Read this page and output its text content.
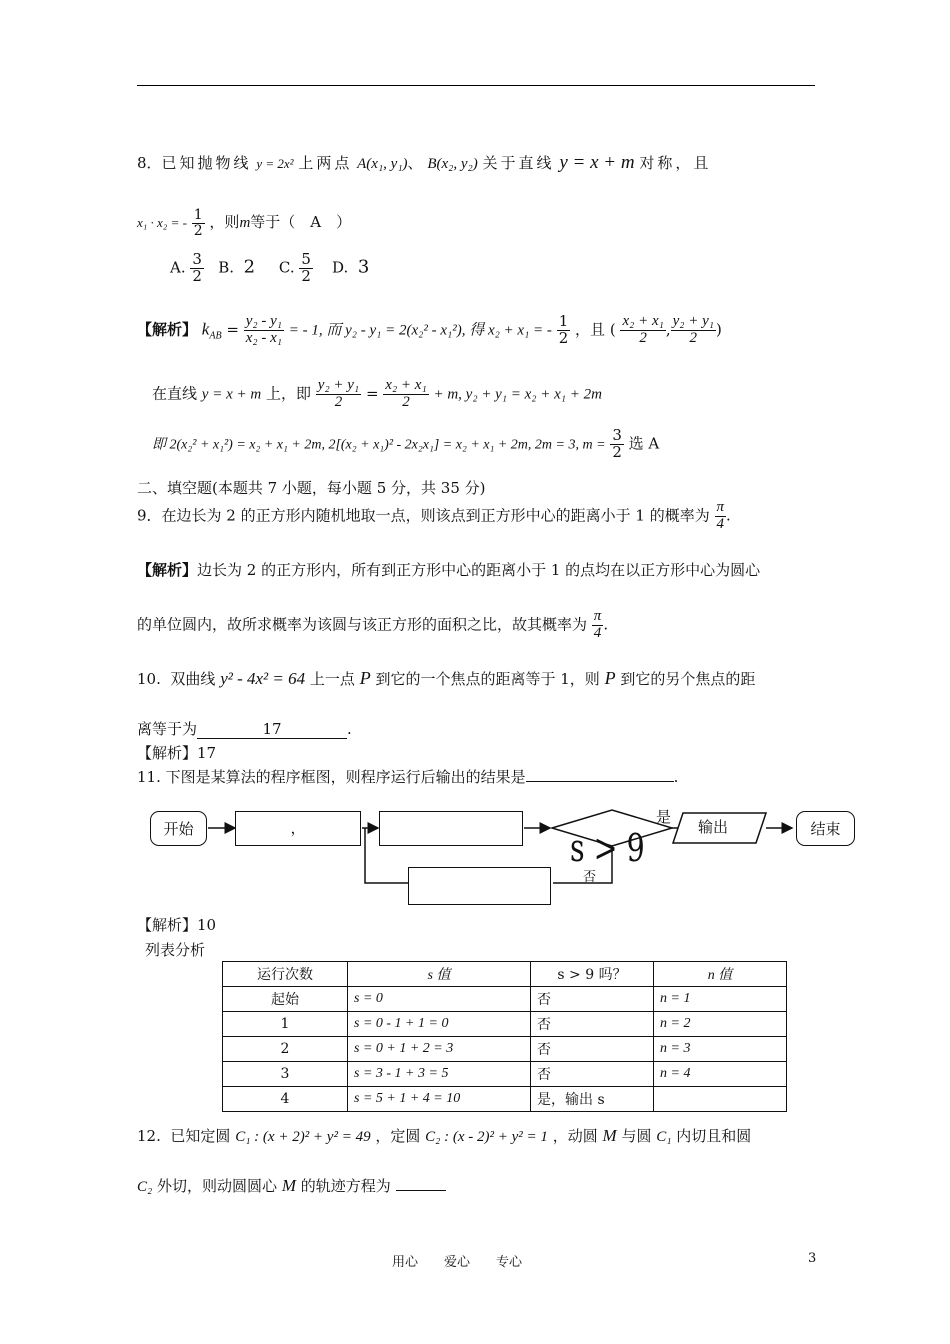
8．已知抛物线 y = 2x² 上两点 A(x₁, y₁)、 B(x₂, y₂) 关于直线 y = x + m 对称，且
x₁ · x₂ = - $\frac{1}{2}$ ，则m等于（　A　）
A. $\frac{3}{2} B$. 2 C. $\frac{5}{2} D$. 3
【解析】 $k_{AB} = \frac{\text{y₂ - y₁}}{\text{x₂ - x₁}}$ = - 1, 而 y₂ - y₁ = 2(x₂² - x₁²), 得 x₂ + x₁ = - $\frac{1}{2}$ ，且 ( $\frac{\text{x₂ + x₁}}{2}$ , $\frac{\text{y₂ + y₁}}{2}$ )
在直线 y = x + m 上，即 $\frac{\text{y₂ + y₁}}{2} = \frac{\text{x₂ + x₁}}{2} + m$, y₂ + y₁ = x₂ + x₁ + 2m
即 2(x₂² + x₁²) = x₂ + x₁ + 2m, 2[(x₂ + x₁)² - 2x₂x₁] = x₂ + x₁ + 2m, 2m = 3, $m = \frac{3}{2}$ 选 A
二、填空题(本题共 7 小题，每小题 5 分，共 35 分)
9．在边长为 2 的正方形内随机地取一点，则该点到正方形中心的距离小于 1 的概率为 $\frac{\pi}{4}$ .
【解析】边长为 2 的正方形内，所有到正方形中心的距离小于 1 的点均在以正方形中心为圆心
的单位圆内，故所求概率为该圆与该正方形的面积之比，故其概率为 $\frac{\pi}{4}$ .
10. 双曲线 y² - 4x² = 64 上一点 P 到它的一个焦点的距离等于 1，则 P 到它的另个焦点的距
离等于为	17	.
【解析】17
11. 下图是某算法的程序框图，则程序运行后输出的结果是	.
开始	，	s > 9
是
否
输出	结束
【解析】10
列表分析
运行次数	s 值	s > 9 吗？	n 值
起始	s = 0	否	n = 1
1	s = 0 - 1 + 1 = 0	否	n = 2
2	s = 0 + 1 + 2 = 3	否	n = 3
3	s = 3 - 1 + 3 = 5	否	n = 4
4	s = 5 + 1 + 4 = 10	是，输出 s	
12. 已知定圆 C₁ : (x + 2)² + y² = 49 ，定圆 C₂ : (x - 2)² + y² = 1 ，动圆 M 与圆 C₁ 内切且和圆
C₂ 外切，则动圆圆心 M 的轨迹方程为
用心　　爱心　　专心	3
